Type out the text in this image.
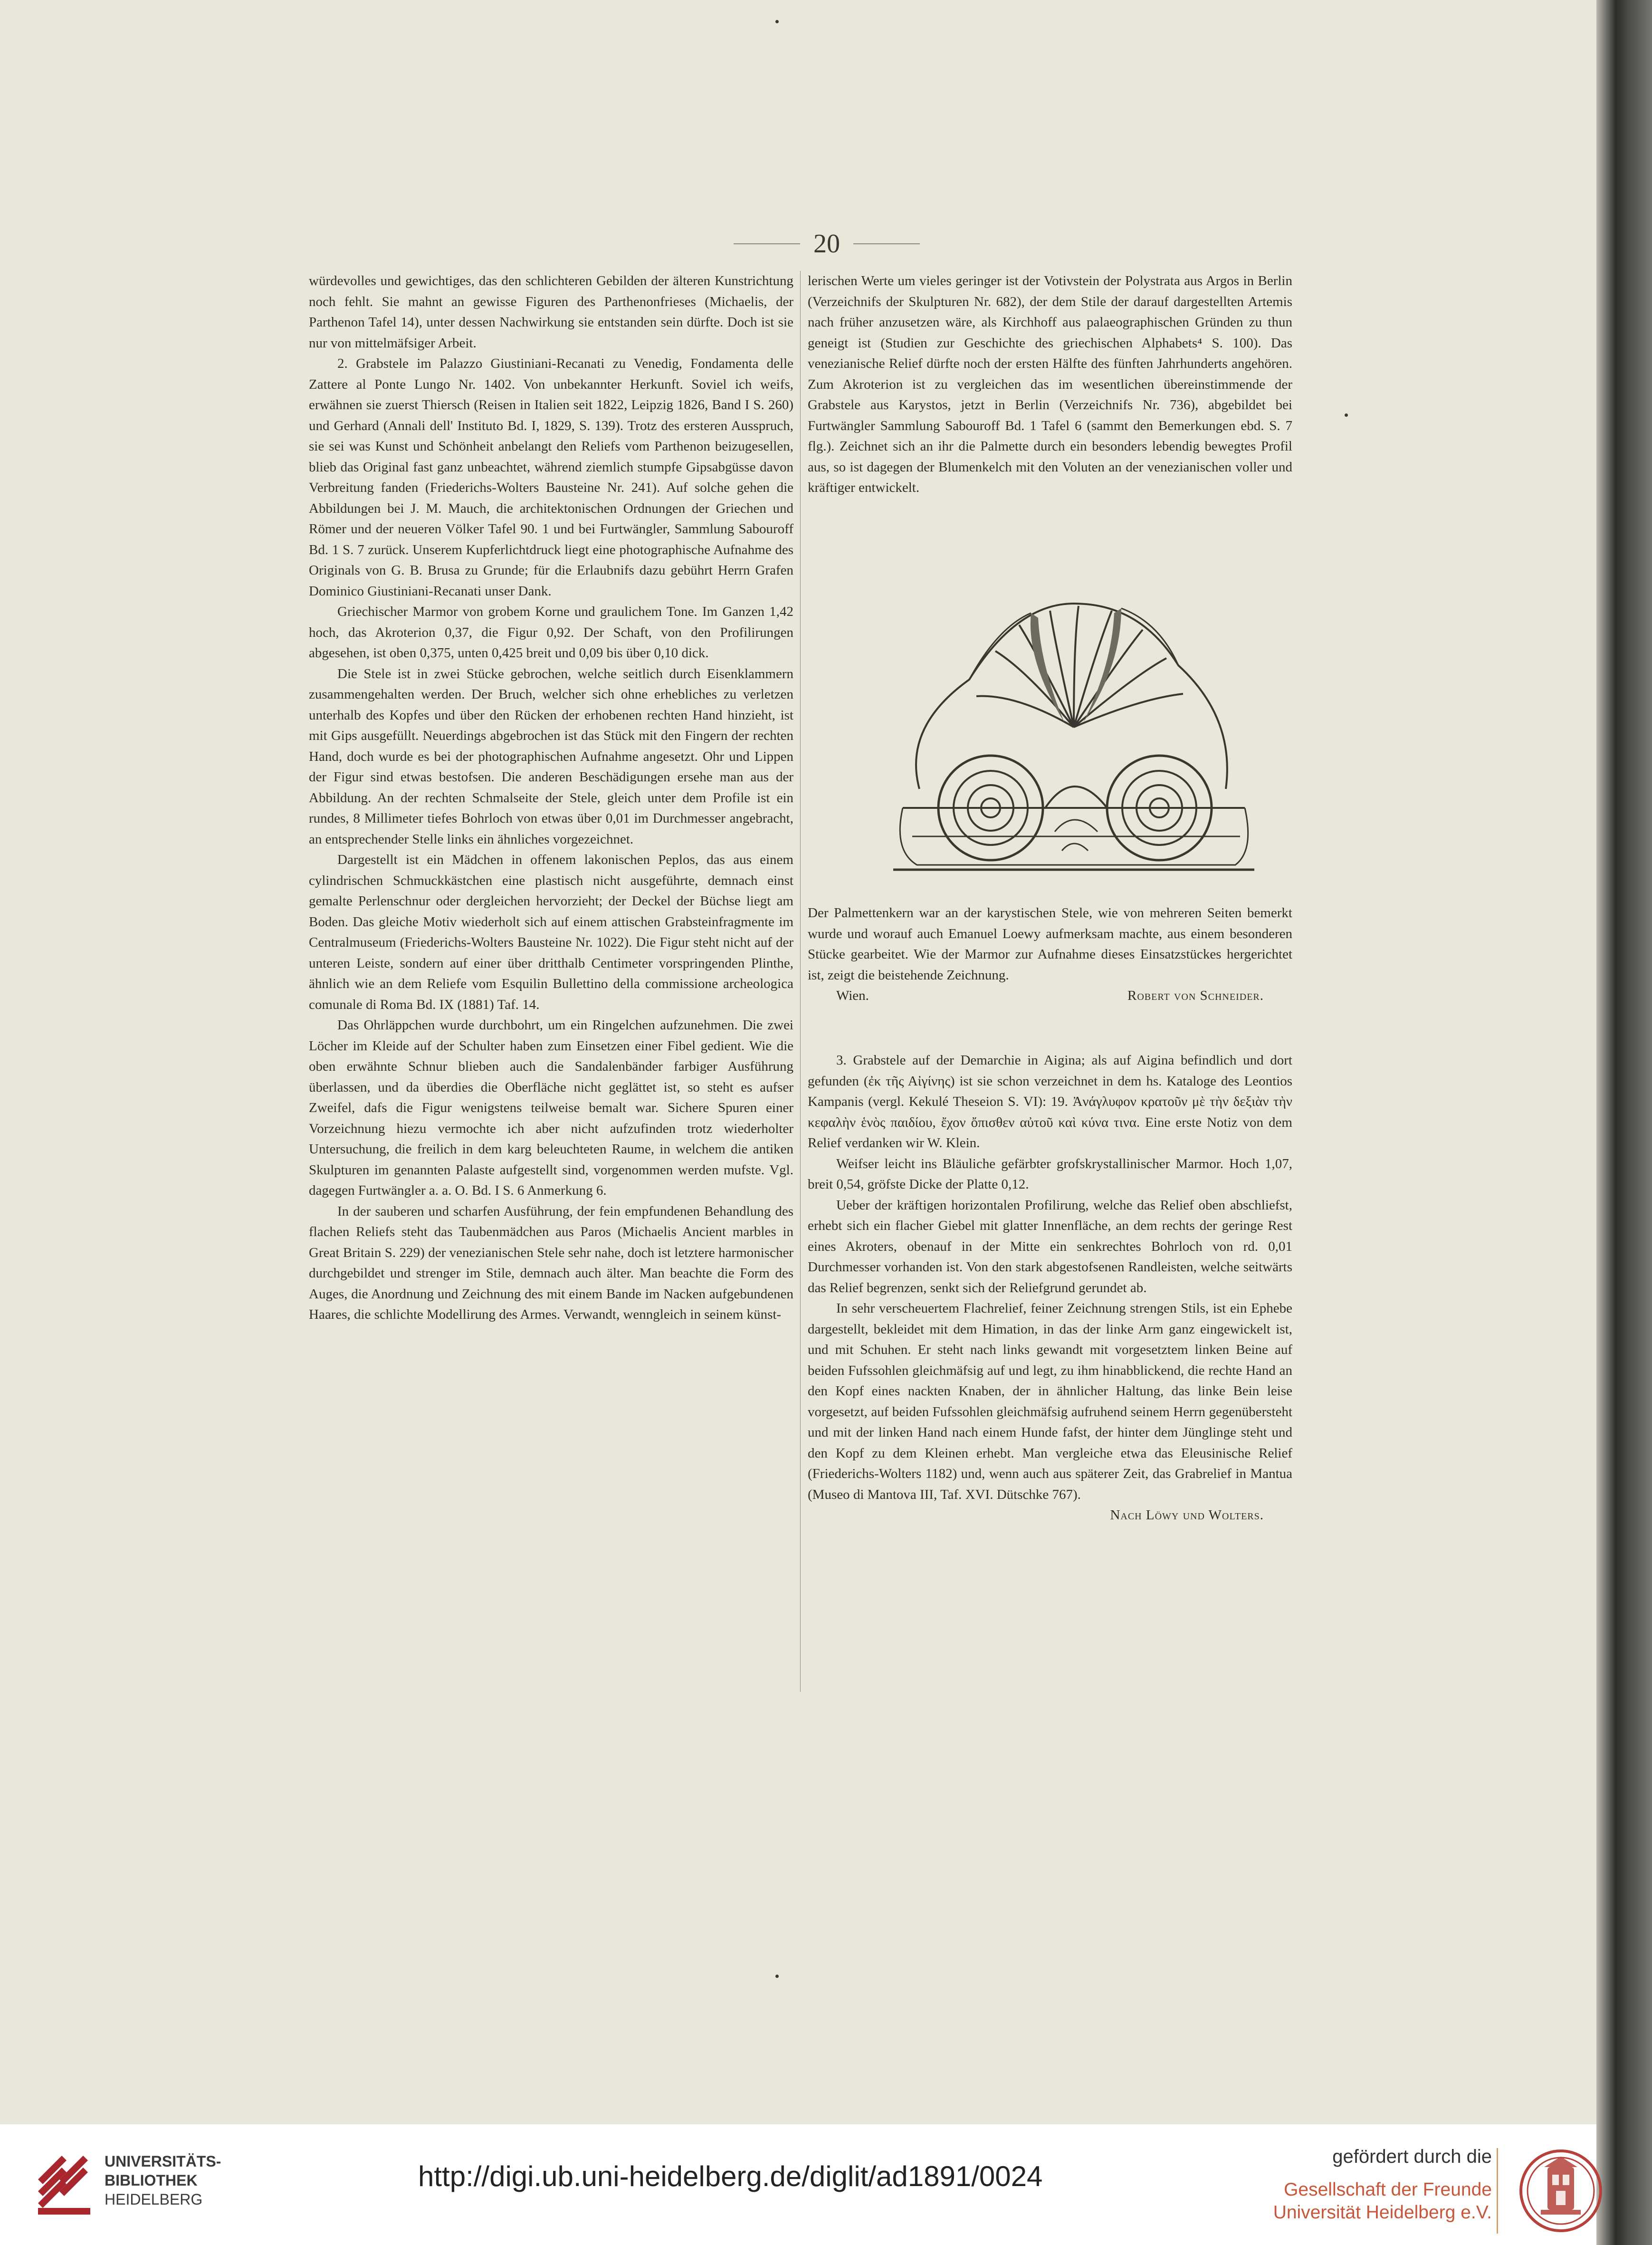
20

würdevolles und gewichtiges, das den schlichteren Gebilden der älteren Kunstrichtung noch fehlt. Sie mahnt an gewisse Figuren des Parthenonfrieses (Michaelis, der Parthenon Tafel 14), unter dessen Nachwirkung sie entstanden sein dürfte. Doch ist sie nur von mittelmäfsiger Arbeit.

2. Grabstele im Palazzo Giustiniani-Recanati zu Venedig, Fondamenta delle Zattere al Ponte Lungo Nr. 1402. Von unbekannter Herkunft. Soviel ich weifs, erwähnen sie zuerst Thiersch (Reisen in Italien seit 1822, Leipzig 1826, Band I S. 260) und Gerhard (Annali dell' Instituto Bd. I, 1829, S. 139). Trotz des ersteren Ausspruch, sie sei was Kunst und Schönheit anbelangt den Reliefs vom Parthenon beizugesellen, blieb das Original fast ganz unbeachtet, während ziemlich stumpfe Gipsabgüsse davon Verbreitung fanden (Friederichs-Wolters Bausteine Nr. 241). Auf solche gehen die Abbildungen bei J. M. Mauch, die architektonischen Ordnungen der Griechen und Römer und der neueren Völker Tafel 90. 1 und bei Furtwängler, Sammlung Sabouroff Bd. 1 S. 7 zurück. Unserem Kupferlichtdruck liegt eine photographische Aufnahme des Originals von G. B. Brusa zu Grunde; für die Erlaubnifs dazu gebührt Herrn Grafen Dominico Giustiniani-Recanati unser Dank.

Griechischer Marmor von grobem Korne und graulichem Tone. Im Ganzen 1,42 hoch, das Akroterion 0,37, die Figur 0,92. Der Schaft, von den Profilirungen abgesehen, ist oben 0,375, unten 0,425 breit und 0,09 bis über 0,10 dick.

Die Stele ist in zwei Stücke gebrochen, welche seitlich durch Eisenklammern zusammengehalten werden. Der Bruch, welcher sich ohne erhebliches zu verletzen unterhalb des Kopfes und über den Rücken der erhobenen rechten Hand hinzieht, ist mit Gips ausgefüllt. Neuerdings abgebrochen ist das Stück mit den Fingern der rechten Hand, doch wurde es bei der photographischen Aufnahme angesetzt. Ohr und Lippen der Figur sind etwas bestofsen. Die anderen Beschädigungen ersehe man aus der Abbildung. An der rechten Schmalseite der Stele, gleich unter dem Profile ist ein rundes, 8 Millimeter tiefes Bohrloch von etwas über 0,01 im Durchmesser angebracht, an entsprechender Stelle links ein ähnliches vorgezeichnet.

Dargestellt ist ein Mädchen in offenem lakonischen Peplos, das aus einem cylindrischen Schmuckkästchen eine plastisch nicht ausgeführte, demnach einst gemalte Perlenschnur oder dergleichen hervorzieht; der Deckel der Büchse liegt am Boden. Das gleiche Motiv wiederholt sich auf einem attischen Grabsteinfragmente im Centralmuseum (Friederichs-Wolters Bausteine Nr. 1022). Die Figur steht nicht auf der unteren Leiste, sondern auf einer über dritthalb Centimeter vorspringenden Plinthe, ähnlich wie an dem Reliefe vom Esquilin Bullettino della commissione archeologica comunale di Roma Bd. IX (1881) Taf. 14.

Das Ohrläppchen wurde durchbohrt, um ein Ringelchen aufzunehmen. Die zwei Löcher im Kleide auf der Schulter haben zum Einsetzen einer Fibel gedient. Wie die oben erwähnte Schnur blieben auch die Sandalenbänder farbiger Ausführung überlassen, und da überdies die Oberfläche nicht geglättet ist, so steht es aufser Zweifel, dafs die Figur wenigstens teilweise bemalt war. Sichere Spuren einer Vorzeichnung hiezu vermochte ich aber nicht aufzufinden trotz wiederholter Untersuchung, die freilich in dem karg beleuchteten Raume, in welchem die antiken Skulpturen im genannten Palaste aufgestellt sind, vorgenommen werden mufste. Vgl. dagegen Furtwängler a. a. O. Bd. I S. 6 Anmerkung 6.

In der sauberen und scharfen Ausführung, der fein empfundenen Behandlung des flachen Reliefs steht das Taubenmädchen aus Paros (Michaelis Ancient marbles in Great Britain S. 229) der venezianischen Stele sehr nahe, doch ist letztere harmonischer durchgebildet und strenger im Stile, demnach auch älter. Man beachte die Form des Auges, die Anordnung und Zeichnung des mit einem Bande im Nacken aufgebundenen Haares, die schlichte Modellirung des Armes. Verwandt, wenngleich in seinem künst-

lerischen Werte um vieles geringer ist der Votivstein der Polystrata aus Argos in Berlin (Verzeichnifs der Skulpturen Nr. 682), der dem Stile der darauf dargestellten Artemis nach früher anzusetzen wäre, als Kirchhoff aus palaeographischen Gründen zu thun geneigt ist (Studien zur Geschichte des griechischen Alphabets⁴ S. 100). Das venezianische Relief dürfte noch der ersten Hälfte des fünften Jahrhunderts angehören. Zum Akroterion ist zu vergleichen das im wesentlichen übereinstimmende der Grabstele aus Karystos, jetzt in Berlin (Verzeichnifs Nr. 736), abgebildet bei Furtwängler Sammlung Sabouroff Bd. 1 Tafel 6 (sammt den Bemerkungen ebd. S. 7 flg.). Zeichnet sich an ihr die Palmette durch ein besonders lebendig bewegtes Profil aus, so ist dagegen der Blumenkelch mit den Voluten an der venezianischen voller und kräftiger entwickelt.

Der Palmettenkern war an der karystischen Stele, wie von mehreren Seiten bemerkt wurde und worauf auch Emanuel Loewy aufmerksam machte, aus einem besonderen Stücke gearbeitet. Wie der Marmor zur Aufnahme dieses Einsatzstückes hergerichtet ist, zeigt die beistehende Zeichnung.

Wien.	Robert von Schneider.

3. Grabstele auf der Demarchie in Aigina; als auf Aigina befindlich und dort gefunden (ἐκ τῆς Αἰγίνης) ist sie schon verzeichnet in dem hs. Kataloge des Leontios Kampanis (vergl. Kekulé Theseion S. VI): 19. Ἀνάγλυφον κρατοῦν μὲ τὴν δεξιὰν τὴν κεφαλὴν ἑνὸς παιδίου, ἔχον ὄπισθεν αὐτοῦ καὶ κύνα τινα. Eine erste Notiz von dem Relief verdanken wir W. Klein.

Weifser leicht ins Bläuliche gefärbter grofskrystallinischer Marmor. Hoch 1,07, breit 0,54, gröfste Dicke der Platte 0,12.

Ueber der kräftigen horizontalen Profilirung, welche das Relief oben abschliefst, erhebt sich ein flacher Giebel mit glatter Innenfläche, an dem rechts der geringe Rest eines Akroters, obenauf in der Mitte ein senkrechtes Bohrloch von rd. 0,01 Durchmesser vorhanden ist. Von den stark abgestofsenen Randleisten, welche seitwärts das Relief begrenzen, senkt sich der Reliefgrund gerundet ab.

In sehr verscheuertem Flachrelief, feiner Zeichnung strengen Stils, ist ein Ephebe dargestellt, bekleidet mit dem Himation, in das der linke Arm ganz eingewickelt ist, und mit Schuhen. Er steht nach links gewandt mit vorgesetztem linken Beine auf beiden Fufssohlen gleichmäfsig auf und legt, zu ihm hinabblickend, die rechte Hand an den Kopf eines nackten Knaben, der in ähnlicher Haltung, das linke Bein leise vorgesetzt, auf beiden Fufssohlen gleichmäfsig aufruhend seinem Herrn gegenübersteht und mit der linken Hand nach einem Hunde fafst, der hinter dem Jünglinge steht und den Kopf zu dem Kleinen erhebt. Man vergleiche etwa das Eleusinische Relief (Friederichs-Wolters 1182) und, wenn auch aus späterer Zeit, das Grabrelief in Mantua (Museo di Mantova III, Taf. XVI. Dütschke 767).

Nach Löwy und Wolters.
UNIVERSITÄTS-
BIBLIOTHEK
HEIDELBERG
http://digi.ub.uni-heidelberg.de/diglit/ad1891/0024
gefördert durch die
Gesellschaft der Freunde
Universität Heidelberg e.V.
